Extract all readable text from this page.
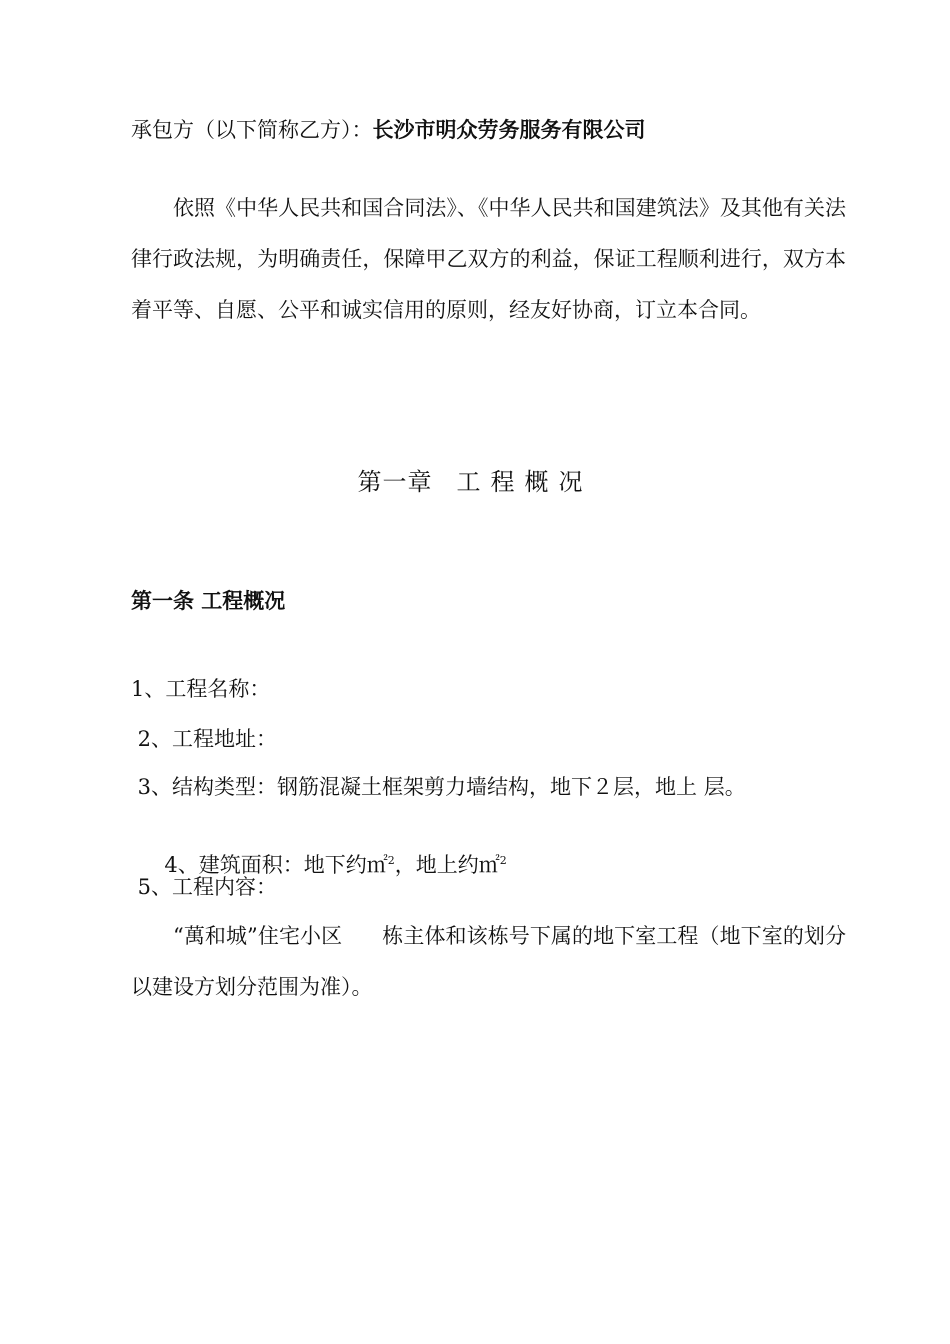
承包方（以下简称乙方）：长沙市明众劳务服务有限公司
依照《中华人民共和国合同法》、《中华人民共和国建筑法》及其他有关法律行政法规，为明确责任，保障甲乙双方的利益，保证工程顺利进行，双方本着平等、自愿、公平和诚实信用的原则，经友好协商，订立本合同。
第一章 工程概况
第一条 工程概况
1、工程名称：
2、工程地址：
3、结构类型：钢筋混凝土框架剪力墙结构，地下２层，地上 层。

4、建筑面积：地下约㎡$^2$，地上约㎡$^2$

5、工程内容：
“萬和城”住宅小区 栋主体和该栋号下属的地下室工程（地下室的划分以建设方划分范围为准）。
